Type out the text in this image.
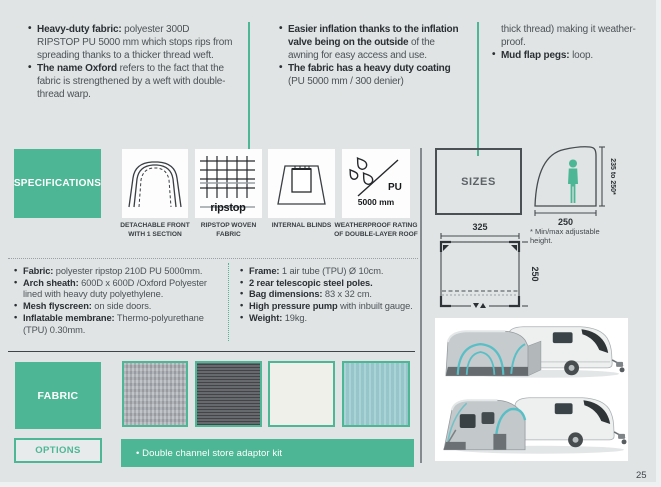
• Heavy-duty fabric: polyester 300D RIPSTOP PU 5000 mm which stops rips from spreading thanks to a thicker thread weft.
• The name Oxford refers to the fact that the fabric is strengthened by a weft with double-thread warp.
• Easier inflation thanks to the inflation valve being on the outside of the awning for easy access and use.
• The fabric has a heavy duty coating (PU 5000 mm / 300 denier)
thick thread) making it weather-proof.
• Mud flap pegs: loop.
SPECIFICATIONS
ripstop
PU
5000 mm
DETACHABLE FRONT WITH 1 SECTION
RIPSTOP WOVEN FABRIC
INTERNAL BLINDS WEATHERPROOF RATING OF DOUBLE-LAYER ROOF
SIZES
250
235 to 250*
* Min/max adjustable height.
325
250
• Fabric: polyester ripstop 210D PU 5000mm.
• Arch sheath: 600D x 600D /Oxford Polyester lined with heavy duty polyethylene.
• Mesh flyscreen: on side doors.
• Inflatable membrane: Thermo-polyurethane (TPU) 0.30mm.
• Frame: 1 air tube (TPU) Ø 10cm.
• 2 rear telescopic steel poles.
• Bag dimensions: 83 x 32 cm.
• High pressure pump with inbuilt gauge.
• Weight: 19kg.
FABRIC
OPTIONS	• Double channel store adaptor kit
25
